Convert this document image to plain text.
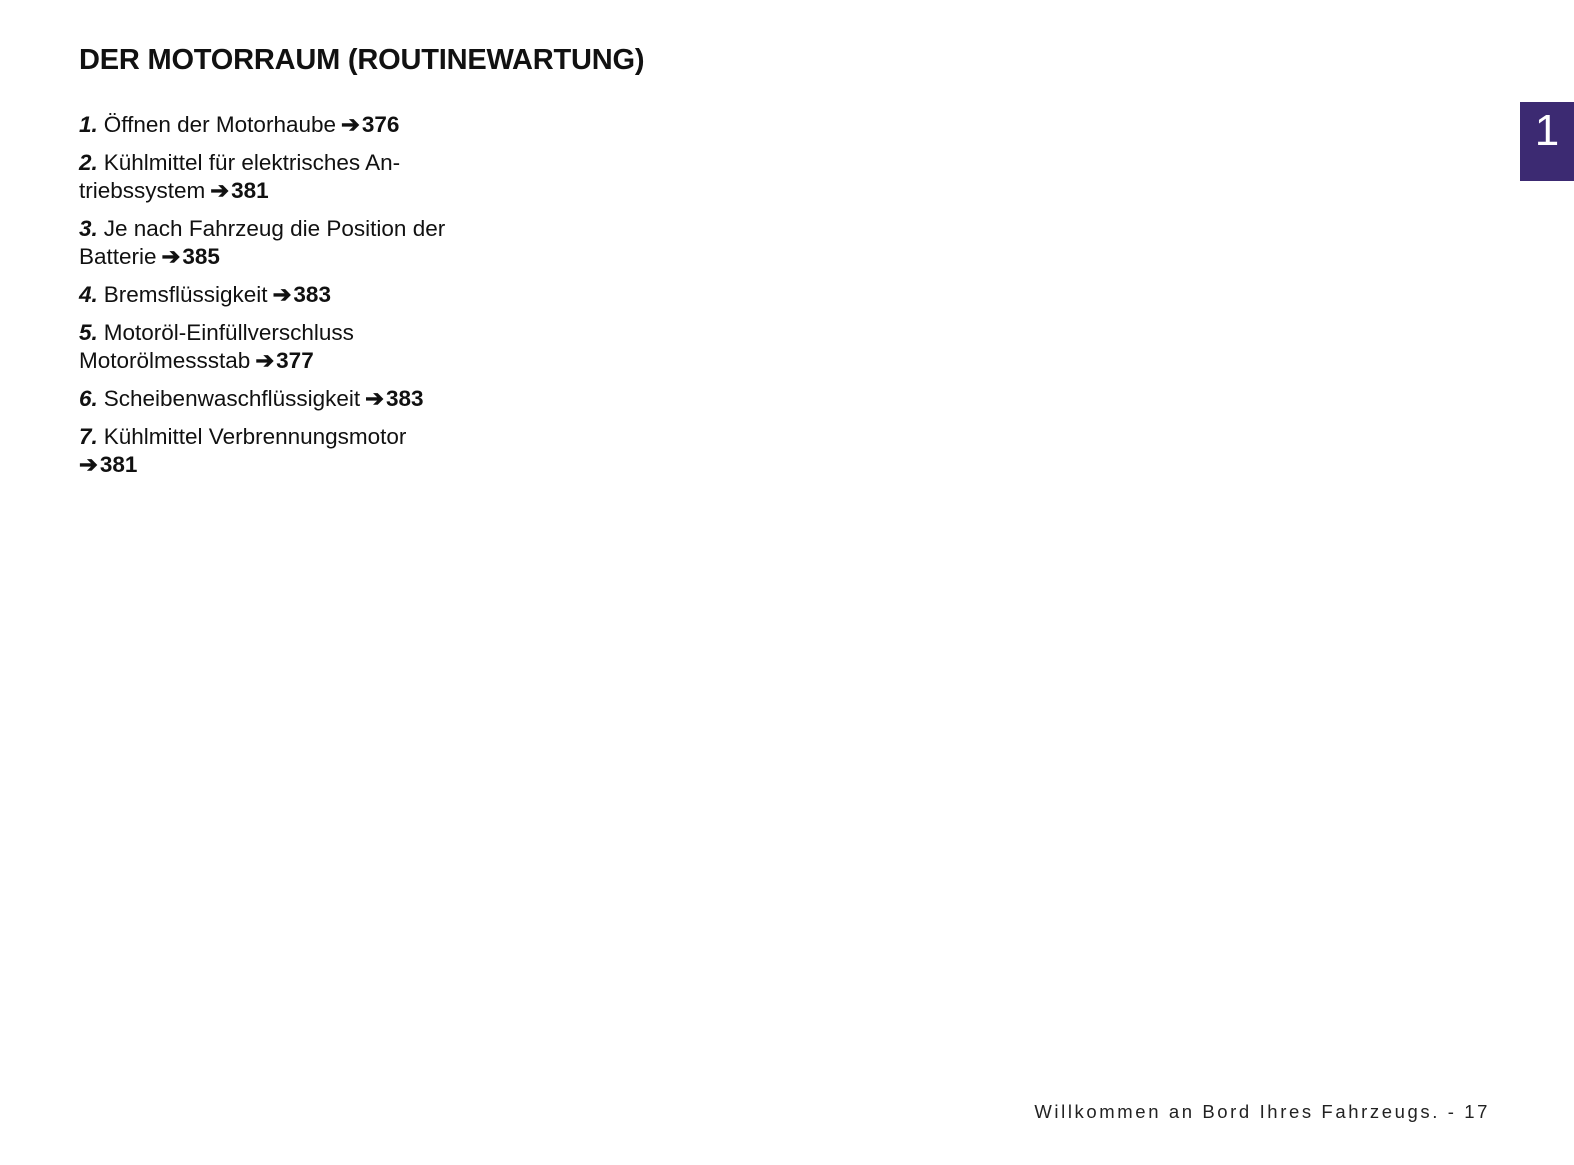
DER MOTORRAUM (ROUTINEWARTUNG)
1
1. Öffnen der Motorhaube ➔376
2. Kühlmittel für elektrisches An-
triebssystem ➔381
3. Je nach Fahrzeug die Position der
Batterie ➔385
4. Bremsflüssigkeit ➔383
5. Motoröl-Einfüllverschluss
Motorölmessstab ➔377
6. Scheibenwaschflüssigkeit ➔383
7. Kühlmittel Verbrennungsmotor
➔381
Willkommen an Bord Ihres Fahrzeugs. - 17
